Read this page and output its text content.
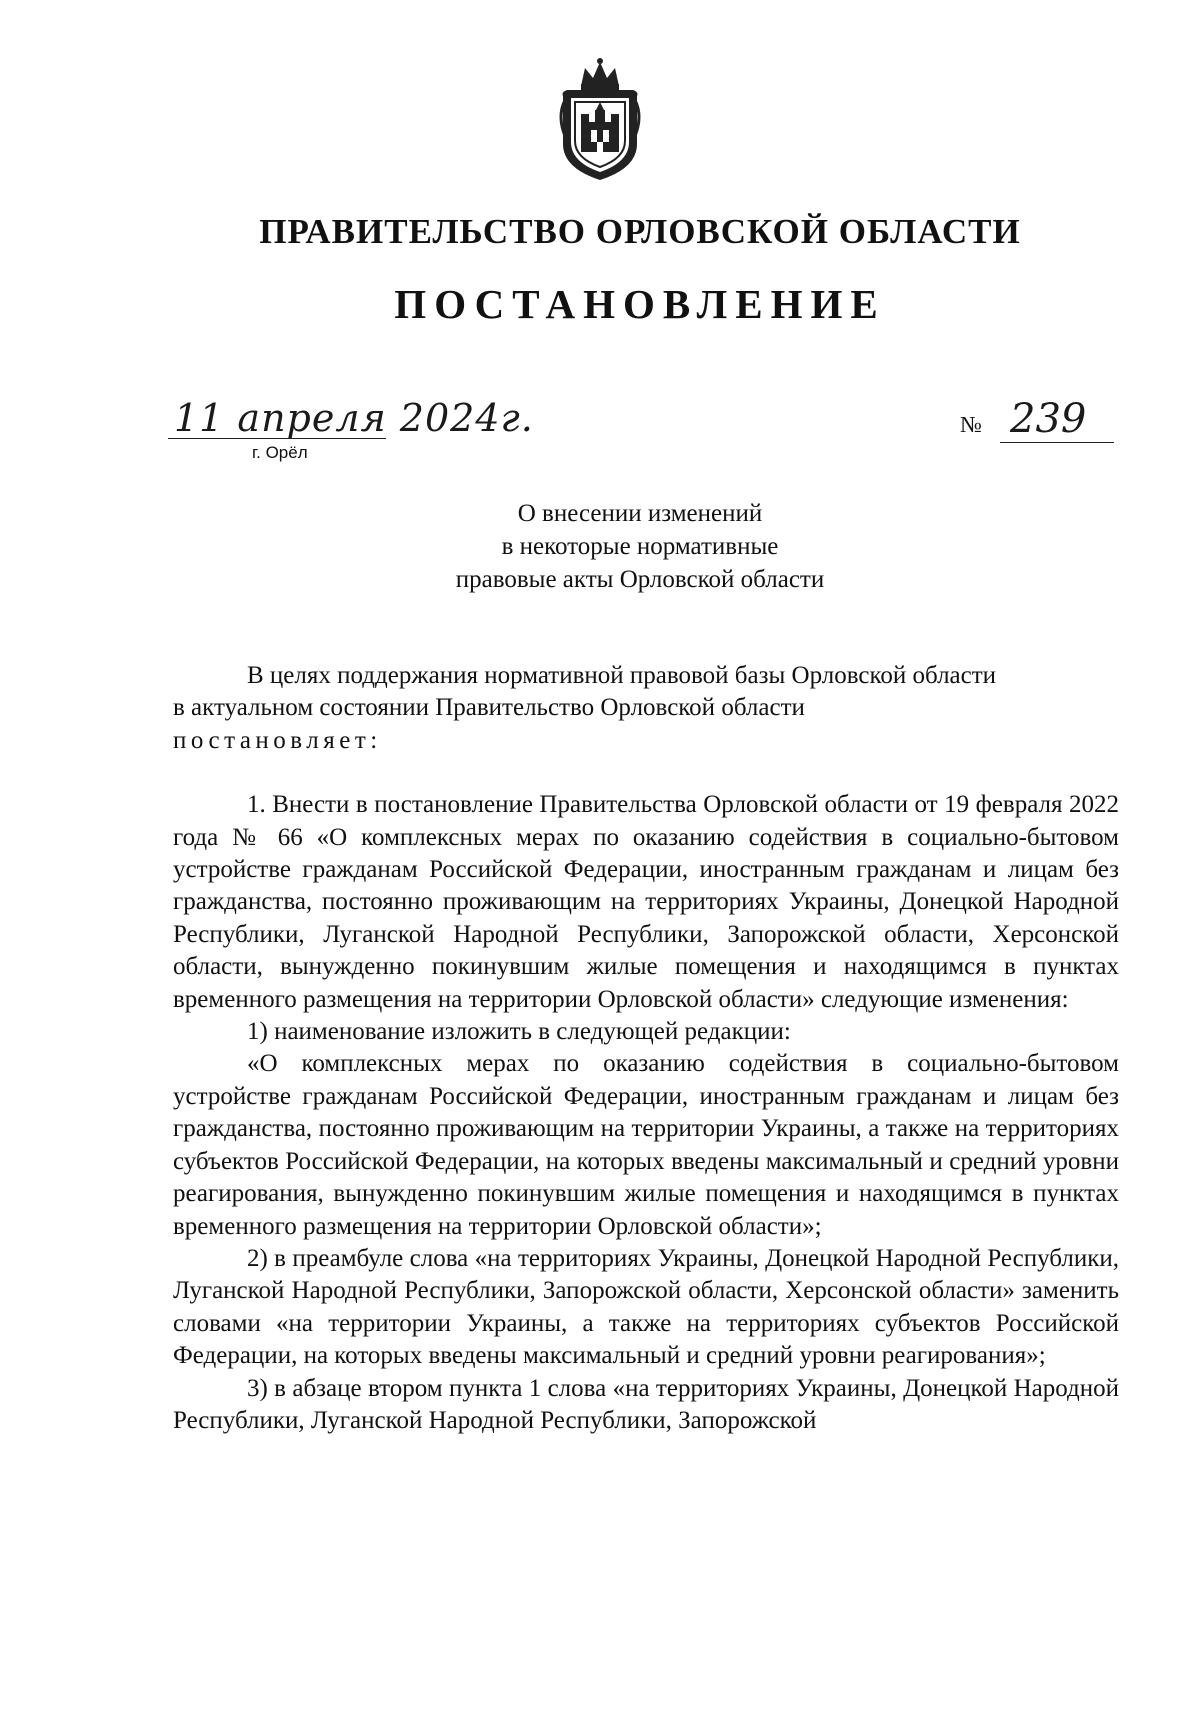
ПРАВИТЕЛЬСТВО ОРЛОВСКОЙ ОБЛАСТИ
ПОСТАНОВЛЕНИЕ
11 апреля 2024г.
г. Орёл
№ 239
О внесении изменений
в некоторые нормативные
правовые акты Орловской области

В целях поддержания нормативной правовой базы Орловской области

в актуальном состоянии Правительство Орловской области

постановляет:

1. Внести в постановление Правительства Орловской области от 19 февраля 2022 года № 66 «О комплексных мерах по оказанию содействия в социально-бытовом устройстве гражданам Российской Федерации, иностранным гражданам и лицам без гражданства, постоянно проживающим на территориях Украины, Донецкой Народной Республики, Луганской Народной Республики, Запорожской области, Херсонской области, вынужденно покинувшим жилые помещения и находящимся в пунктах временного размещения на территории Орловской области» следующие изменения:

1) наименование изложить в следующей редакции:

«О комплексных мерах по оказанию содействия в социально-бытовом устройстве гражданам Российской Федерации, иностранным гражданам и лицам без гражданства, постоянно проживающим на территории Украины, а также на территориях субъектов Российской Федерации, на которых введены максимальный и средний уровни реагирования, вынужденно покинувшим жилые помещения и находящимся в пунктах временного размещения на территории Орловской области»;

2) в преамбуле слова «на территориях Украины, Донецкой Народной Республики, Луганской Народной Республики, Запорожской области, Херсонской области» заменить словами «на территории Украины, а также на территориях субъектов Российской Федерации, на которых введены максимальный и средний уровни реагирования»;

3) в абзаце втором пункта 1 слова «на территориях Украины, Донецкой Народной Республики, Луганской Народной Республики, Запорожской
